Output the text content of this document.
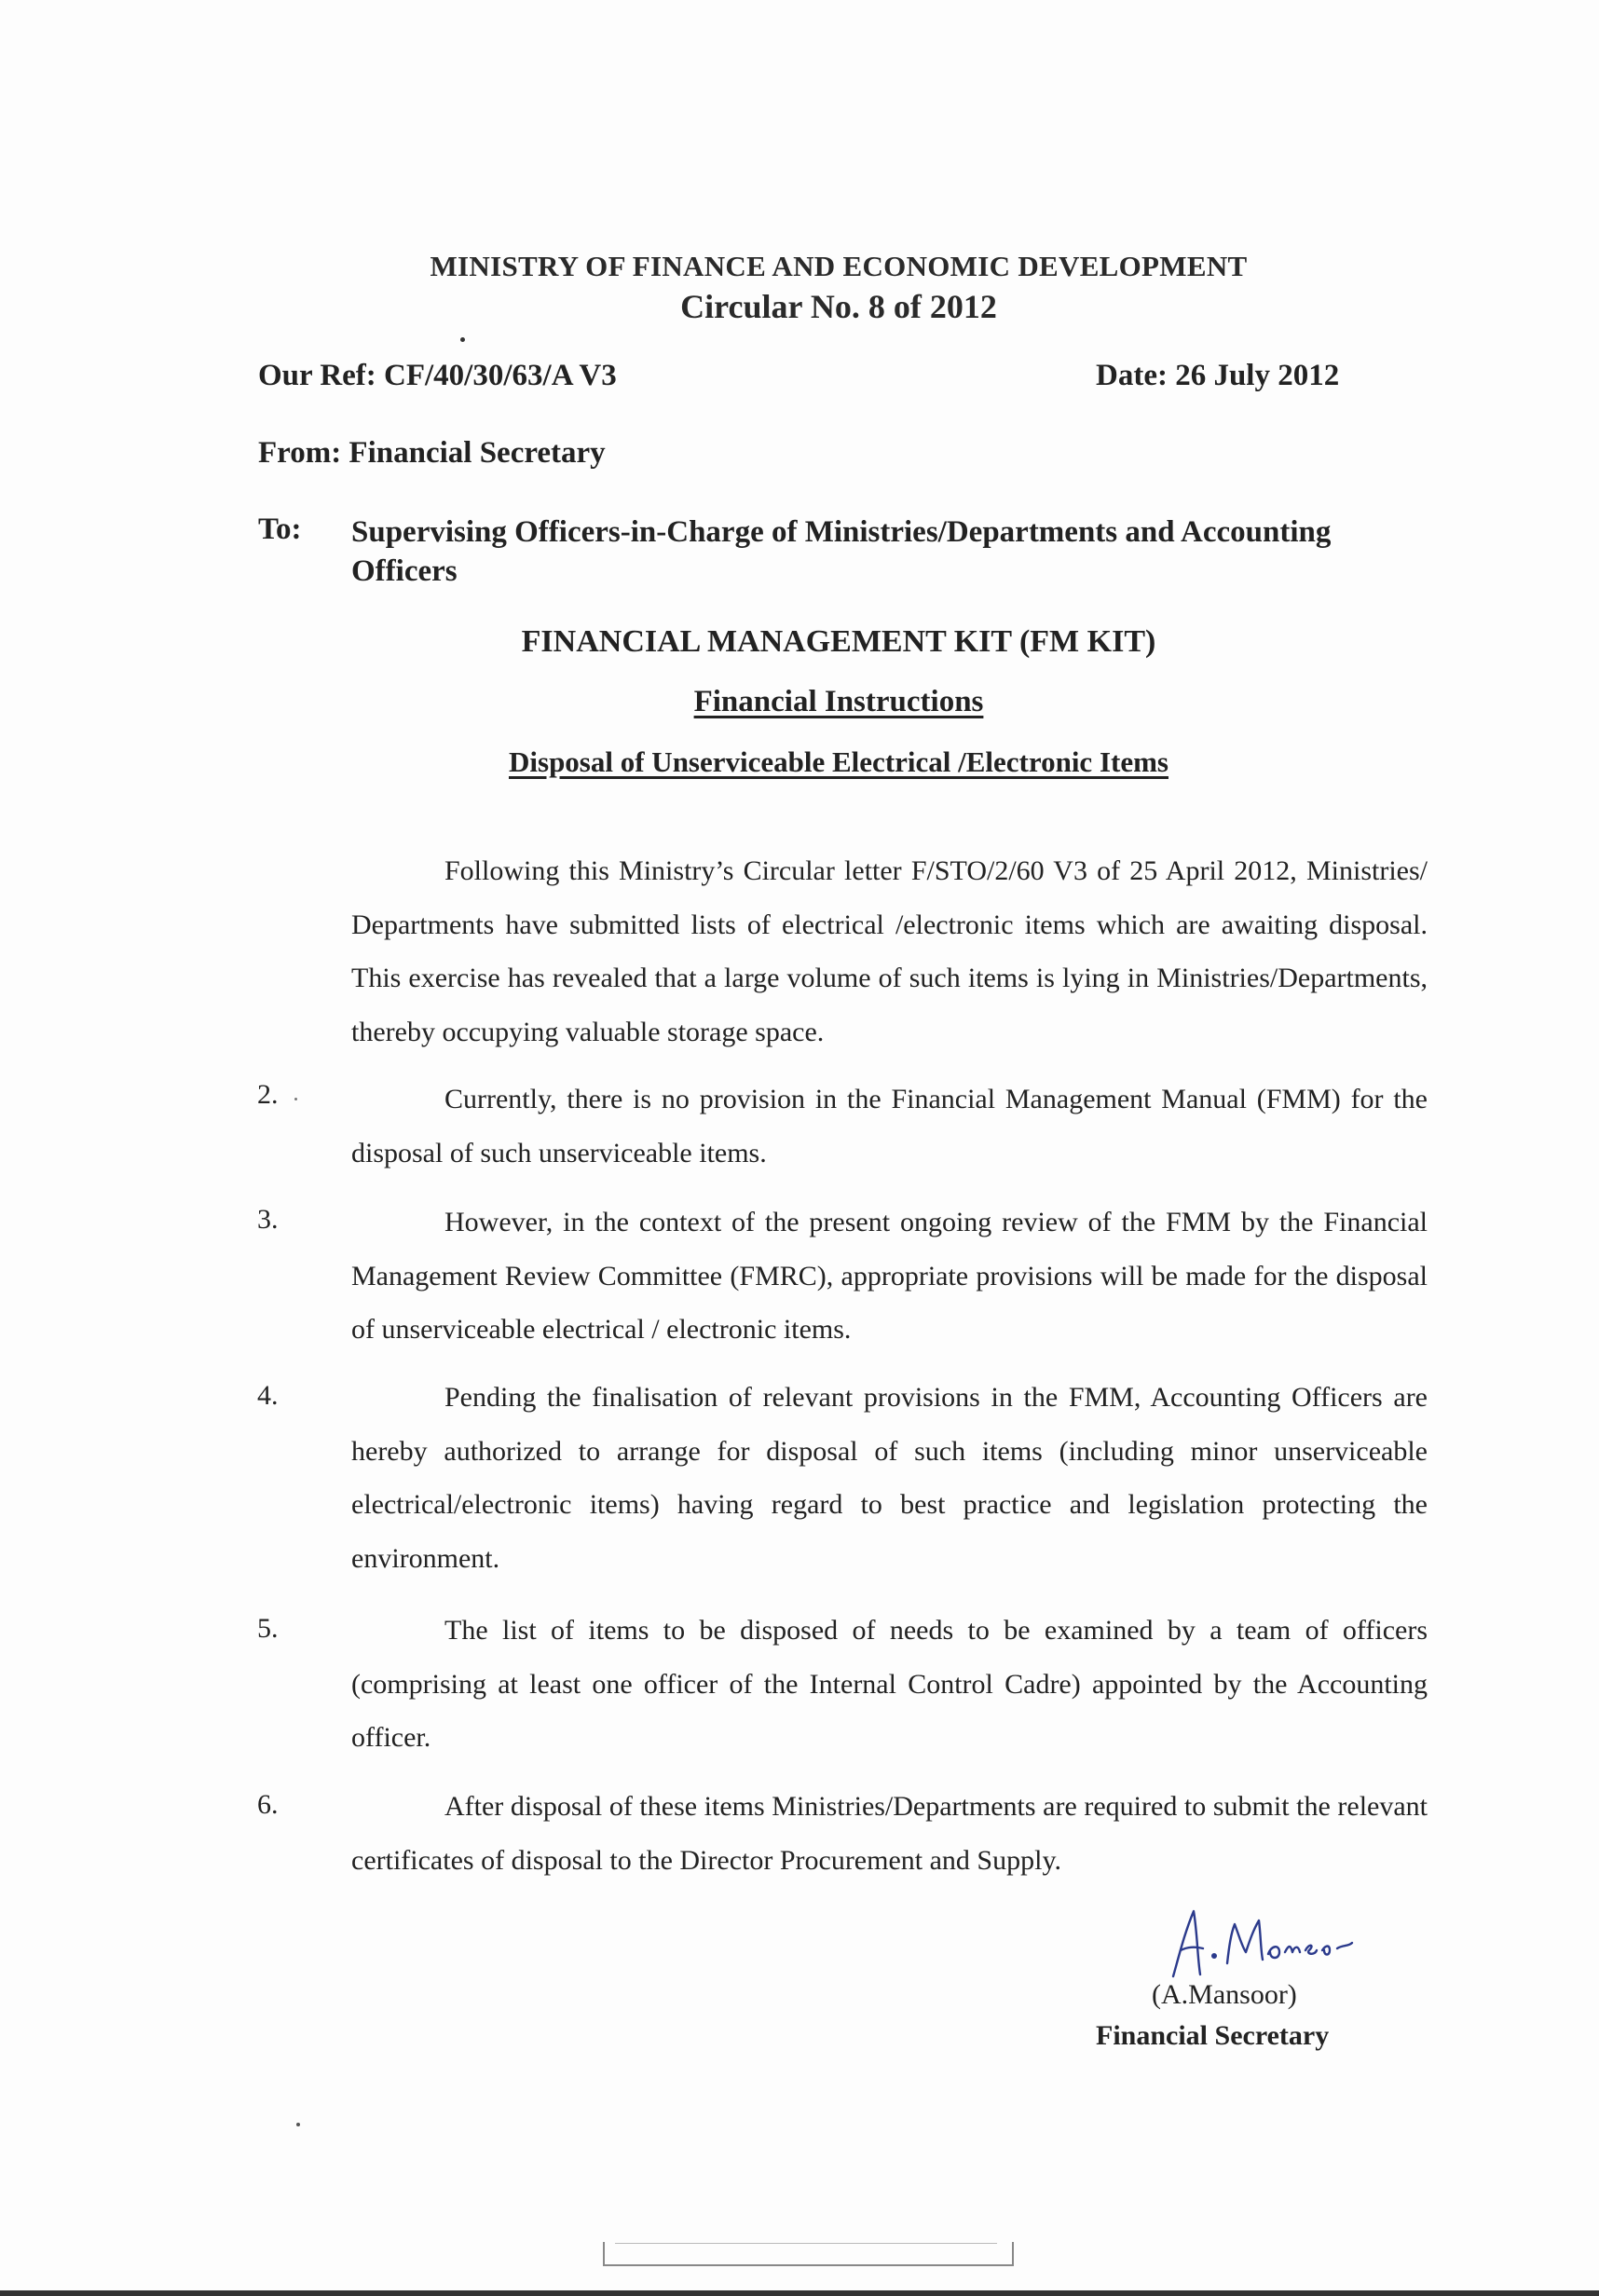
MINISTRY OF FINANCE AND ECONOMIC DEVELOPMENT
Circular No. 8 of 2012
Our Ref: CF/40/30/63/A V3	Date: 26 July 2012
From: Financial Secretary
To: Supervising Officers-in-Charge of Ministries/Departments and Accounting Officers
FINANCIAL MANAGEMENT KIT (FM KIT)
Financial Instructions
Disposal of Unserviceable Electrical /Electronic Items
Following this Ministry’s Circular letter F/STO/2/60 V3 of 25 April 2012, Ministries/ Departments have submitted lists of electrical /electronic items which are awaiting disposal. This exercise has revealed that a large volume of such items is lying in Ministries/Departments, thereby occupying valuable storage space.
2.	Currently, there is no provision in the Financial Management Manual (FMM) for the disposal of such unserviceable items.
3.	However, in the context of the present ongoing review of the FMM by the Financial Management Review Committee (FMRC), appropriate provisions will be made for the disposal of unserviceable electrical / electronic items.
4.	Pending the finalisation of relevant provisions in the FMM, Accounting Officers are hereby authorized to arrange for disposal of such items (including minor unserviceable electrical/electronic items) having regard to best practice and legislation protecting the environment.
5.	The list of items to be disposed of needs to be examined by a team of officers (comprising at least one officer of the Internal Control Cadre) appointed by the Accounting officer.
6.	After disposal of these items Ministries/Departments are required to submit the relevant certificates of disposal to the Director Procurement and Supply.
(A.Mansoor)
Financial Secretary
